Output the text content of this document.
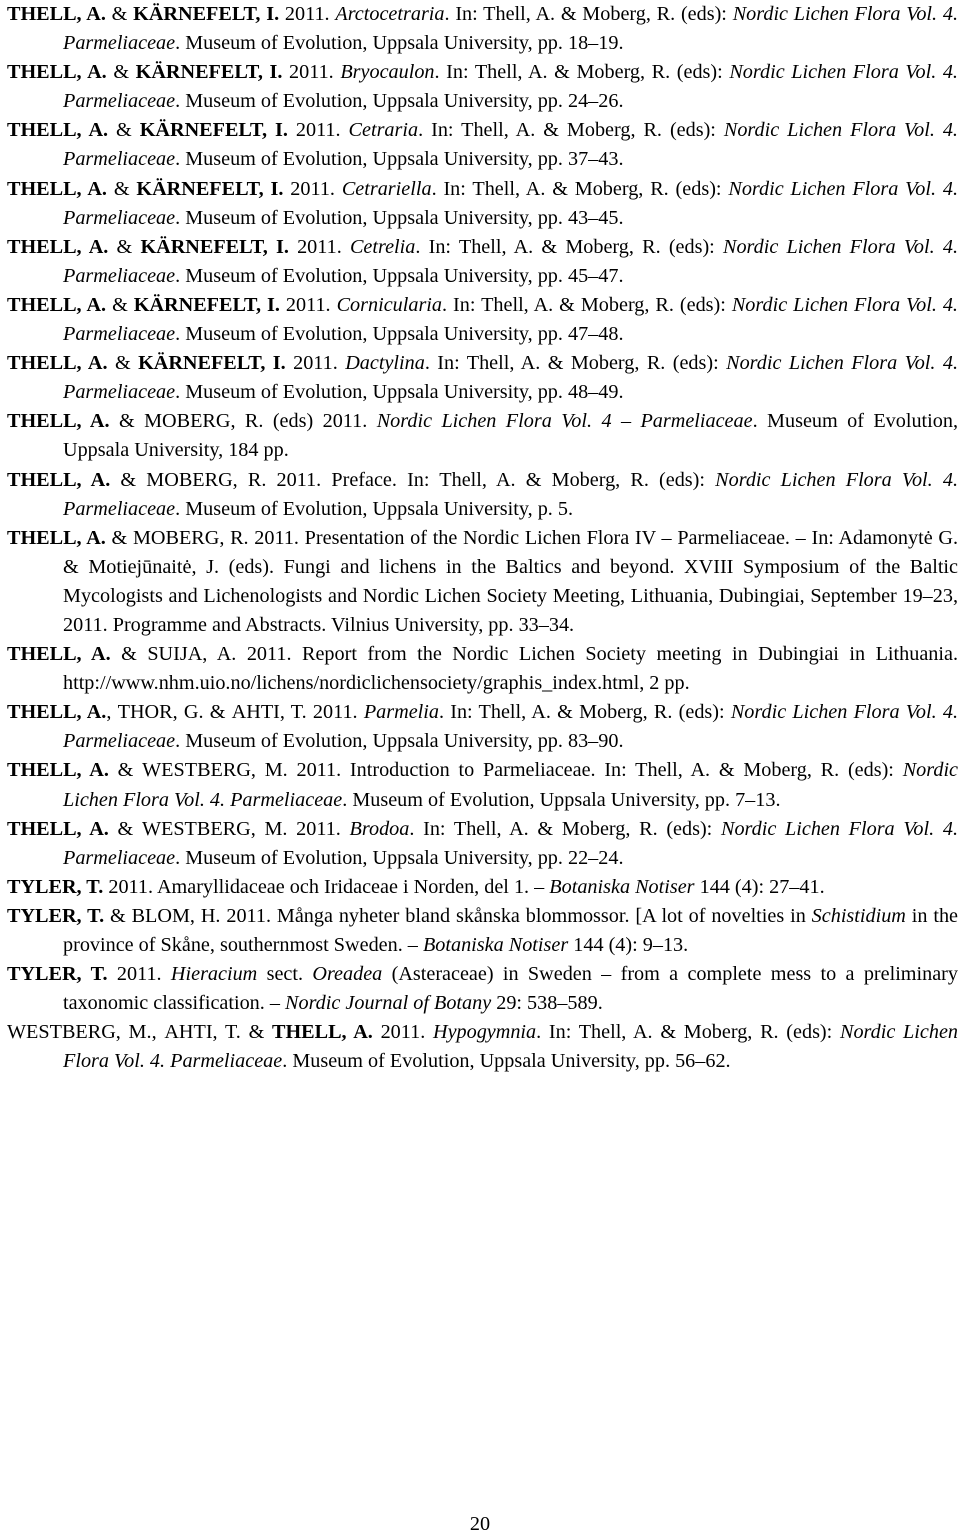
THELL, A. & KÄRNEFELT, I. 2011. Arctocetraria. In: Thell, A. & Moberg, R. (eds): Nordic Lichen Flora Vol. 4. Parmeliaceae. Museum of Evolution, Uppsala University, pp. 18–19.

THELL, A. & KÄRNEFELT, I. 2011. Bryocaulon. In: Thell, A. & Moberg, R. (eds): Nordic Lichen Flora Vol. 4. Parmeliaceae. Museum of Evolution, Uppsala University, pp. 24–26.

THELL, A. & KÄRNEFELT, I. 2011. Cetraria. In: Thell, A. & Moberg, R. (eds): Nordic Lichen Flora Vol. 4. Parmeliaceae. Museum of Evolution, Uppsala University, pp. 37–43.

THELL, A. & KÄRNEFELT, I. 2011. Cetrariella. In: Thell, A. & Moberg, R. (eds): Nordic Lichen Flora Vol. 4. Parmeliaceae. Museum of Evolution, Uppsala University, pp. 43–45.

THELL, A. & KÄRNEFELT, I. 2011. Cetrelia. In: Thell, A. & Moberg, R. (eds): Nordic Lichen Flora Vol. 4. Parmeliaceae. Museum of Evolution, Uppsala University, pp. 45–47.

THELL, A. & KÄRNEFELT, I. 2011. Cornicularia. In: Thell, A. & Moberg, R. (eds): Nordic Lichen Flora Vol. 4. Parmeliaceae. Museum of Evolution, Uppsala University, pp. 47–48.

THELL, A. & KÄRNEFELT, I. 2011. Dactylina. In: Thell, A. & Moberg, R. (eds): Nordic Lichen Flora Vol. 4. Parmeliaceae. Museum of Evolution, Uppsala University, pp. 48–49.

THELL, A. & MOBERG, R. (eds) 2011. Nordic Lichen Flora Vol. 4 – Parmeliaceae. Museum of Evolution, Uppsala University, 184 pp.

THELL, A. & MOBERG, R. 2011. Preface. In: Thell, A. & Moberg, R. (eds): Nordic Lichen Flora Vol. 4. Parmeliaceae. Museum of Evolution, Uppsala University, p. 5.

THELL, A. & MOBERG, R. 2011. Presentation of the Nordic Lichen Flora IV – Parmeliaceae. – In: Adamonytė G. & Motiejūnaitė, J. (eds). Fungi and lichens in the Baltics and beyond. XVIII Symposium of the Baltic Mycologists and Lichenologists and Nordic Lichen Society Meeting, Lithuania, Dubingiai, September 19–23, 2011. Programme and Abstracts. Vilnius University, pp. 33–34.

THELL, A. & SUIJA, A. 2011. Report from the Nordic Lichen Society meeting in Dubingiai in Lithuania. http://www.nhm.uio.no/lichens/nordiclichensociety/graphis_index.html, 2 pp.

THELL, A., THOR, G. & AHTI, T. 2011. Parmelia. In: Thell, A. & Moberg, R. (eds): Nordic Lichen Flora Vol. 4. Parmeliaceae. Museum of Evolution, Uppsala University, pp. 83–90.

THELL, A. & WESTBERG, M. 2011. Introduction to Parmeliaceae. In: Thell, A. & Moberg, R. (eds): Nordic Lichen Flora Vol. 4. Parmeliaceae. Museum of Evolution, Uppsala University, pp. 7–13.

THELL, A. & WESTBERG, M. 2011. Brodoa. In: Thell, A. & Moberg, R. (eds): Nordic Lichen Flora Vol. 4. Parmeliaceae. Museum of Evolution, Uppsala University, pp. 22–24.

TYLER, T. 2011. Amaryllidaceae och Iridaceae i Norden, del 1. – Botaniska Notiser 144 (4): 27–41.

TYLER, T. & BLOM, H. 2011. Många nyheter bland skånska blommossor. [A lot of novelties in Schistidium in the province of Skåne, southernmost Sweden. – Botaniska Notiser 144 (4): 9–13.

TYLER, T. 2011. Hieracium sect. Oreadea (Asteraceae) in Sweden – from a complete mess to a preliminary taxonomic classification. – Nordic Journal of Botany 29: 538–589.

WESTBERG, M., AHTI, T. & THELL, A. 2011. Hypogymnia. In: Thell, A. & Moberg, R. (eds): Nordic Lichen Flora Vol. 4. Parmeliaceae. Museum of Evolution, Uppsala University, pp. 56–62.

20
